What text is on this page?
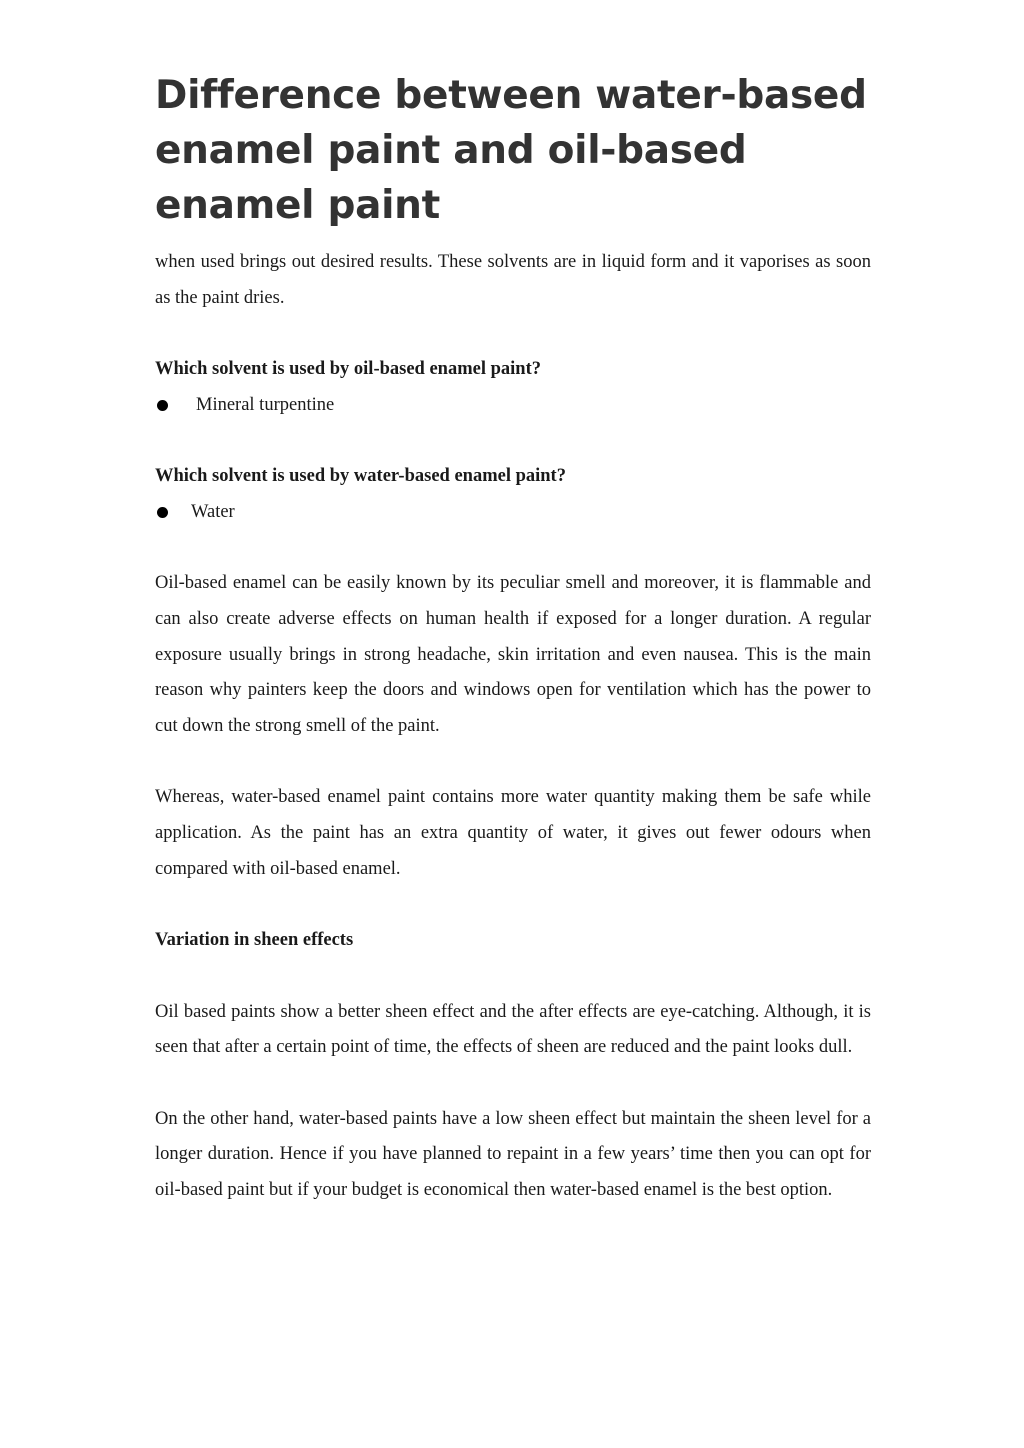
Difference between water-based enamel paint and oil-based enamel paint

when used brings out desired results. These solvents are in liquid form and it vaporises as soon as the paint dries.

Which solvent is used by oil-based enamel paint?
Mineral turpentine
Which solvent is used by water-based enamel paint?
Water

Oil-based enamel can be easily known by its peculiar smell and moreover, it is flammable and can also create adverse effects on human health if exposed for a longer duration. A regular exposure usually brings in strong headache, skin irritation and even nausea. This is the main reason why painters keep the doors and windows open for ventilation which has the power to cut down the strong smell of the paint.

Whereas, water-based enamel paint contains more water quantity making them be safe while application. As the paint has an extra quantity of water, it gives out fewer odours when compared with oil-based enamel.

Variation in sheen effects

Oil based paints show a better sheen effect and the after effects are eye-catching. Although, it is seen that after a certain point of time, the effects of sheen are reduced and the paint looks dull.

On the other hand, water-based paints have a low sheen effect but maintain the sheen level for a longer duration. Hence if you have planned to repaint in a few years’ time then you can opt for oil-based paint but if your budget is economical then water-based enamel is the best option.
